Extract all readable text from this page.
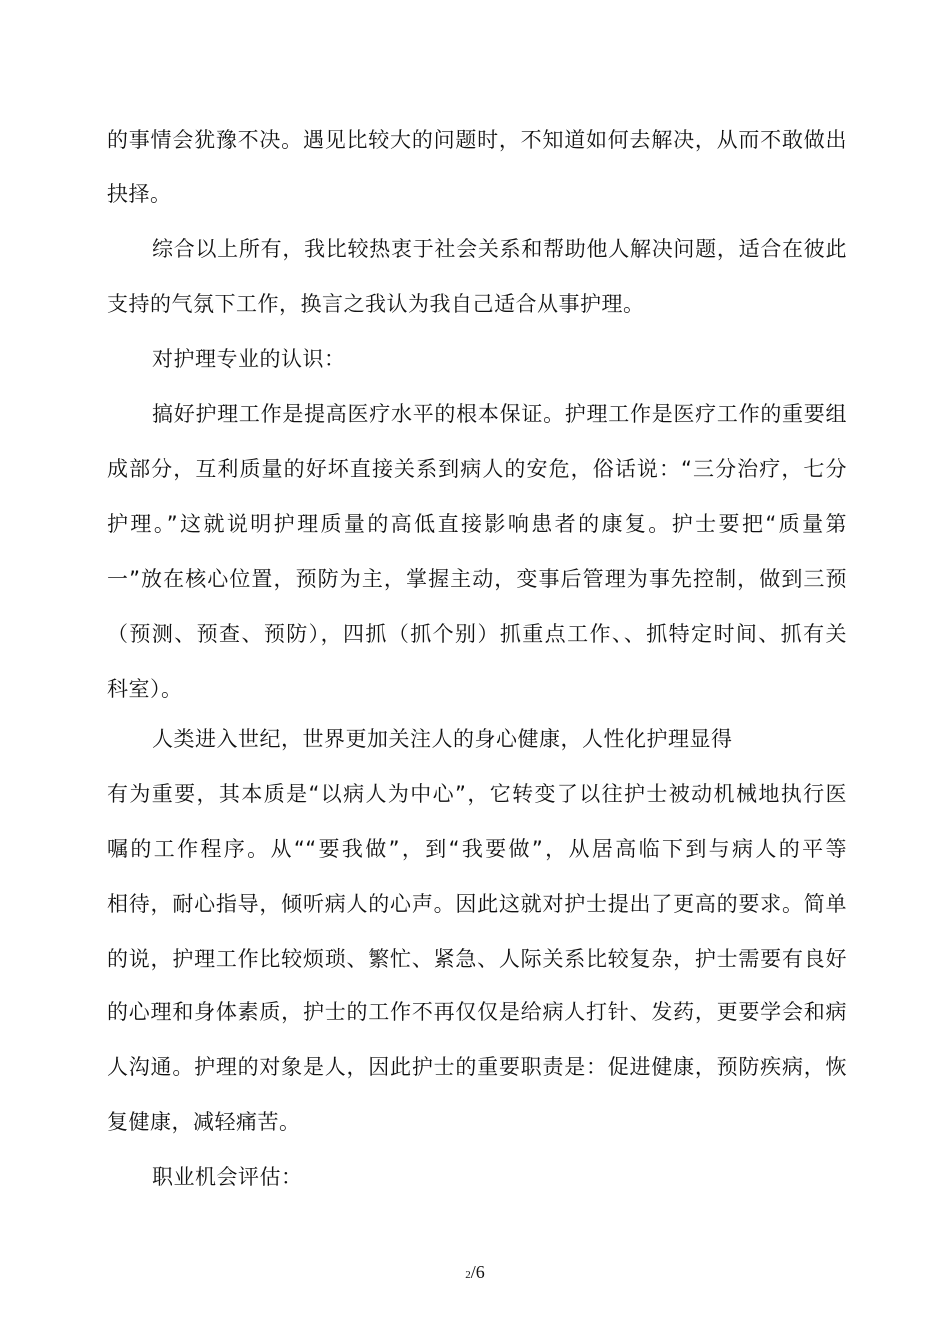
的事情会犹豫不决。遇见比较大的问题时，不知道如何去解决，从而不敢做出
抉择。
综合以上所有，我比较热衷于社会关系和帮助他人解决问题，适合在彼此
支持的气氛下工作，换言之我认为我自己适合从事护理。
对护理专业的认识：
搞好护理工作是提高医疗水平的根本保证。护理工作是医疗工作的重要组
成部分，互利质量的好坏直接关系到病人的安危，俗话说：“三分治疗，七分
护理。”这就说明护理质量的高低直接影响患者的康复。护士要把“质量第
一”放在核心位置，预防为主，掌握主动，变事后管理为事先控制，做到三预
（预测、预查、预防），四抓（抓个别）抓重点工作、、抓特定时间、抓有关
科室）。
人类进入世纪，世界更加关注人的身心健康，人性化护理显得
有为重要，其本质是“以病人为中心”，它转变了以往护士被动机械地执行医
嘱的工作程序。从““要我做”，到“我要做”，从居高临下到与病人的平等
相待，耐心指导，倾听病人的心声。因此这就对护士提出了更高的要求。简单
的说，护理工作比较烦琐、繁忙、紧急、人际关系比较复杂，护士需要有良好
的心理和身体素质，护士的工作不再仅仅是给病人打针、发药，更要学会和病
人沟通。护理的对象是人，因此护士的重要职责是：促进健康，预防疾病，恢
复健康，减轻痛苦。
职业机会评估：
2/6
